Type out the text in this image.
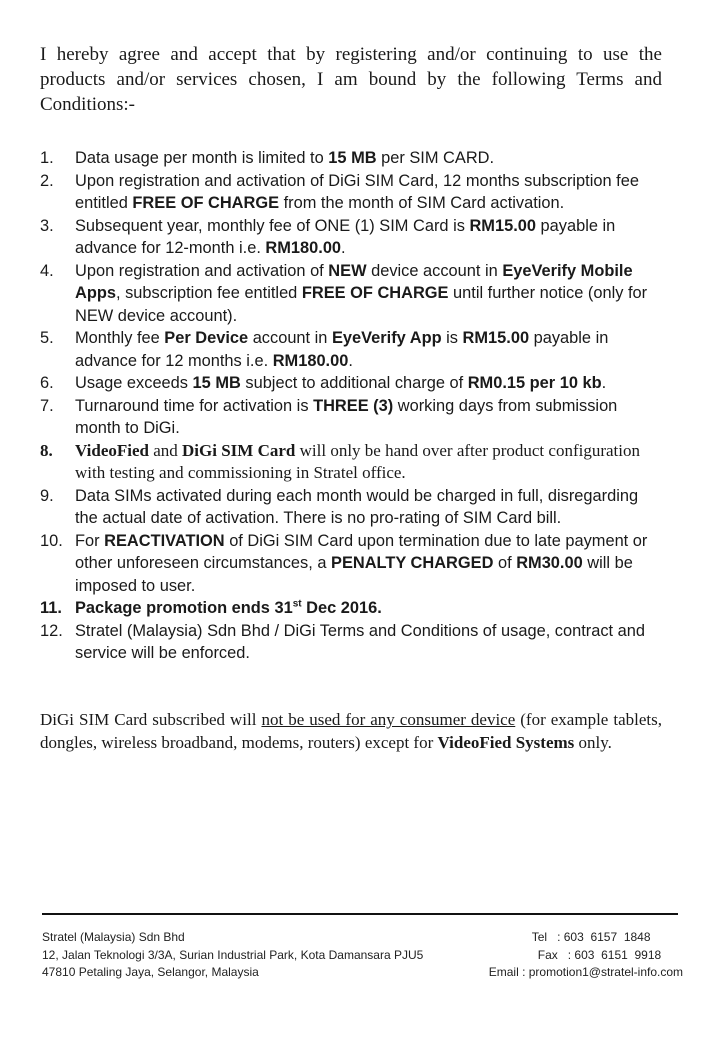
I hereby agree and accept that by registering and/or continuing to use the products and/or services chosen, I am bound by the following Terms and Conditions:-

1.	Data usage per month is limited to 15 MB per SIM CARD.
2.	Upon registration and activation of DiGi SIM Card, 12 months subscription fee entitled FREE OF CHARGE from the month of SIM Card activation.
3.	Subsequent year, monthly fee of ONE (1) SIM Card is RM15.00 payable in advance for 12-month i.e. RM180.00.
4.	Upon registration and activation of NEW device account in EyeVerify Mobile Apps, subscription fee entitled FREE OF CHARGE until further notice (only for NEW device account).
5.	Monthly fee Per Device account in EyeVerify App is RM15.00 payable in advance for 12 months i.e. RM180.00.
6.	Usage exceeds 15 MB subject to additional charge of RM0.15 per 10 kb.
7.	Turnaround time for activation is THREE (3) working days from submission month to DiGi.
8.	VideoFied and DiGi SIM Card will only be hand over after product configuration with testing and commissioning in Stratel office.
9.	Data SIMs activated during each month would be charged in full, disregarding the actual date of activation. There is no pro-rating of SIM Card bill.
10. For REACTIVATION of DiGi SIM Card upon termination due to late payment or other unforeseen circumstances, a PENALTY CHARGED of RM30.00 will be imposed to user.
11. Package promotion ends 31st Dec 2016.
12. Stratel (Malaysia) Sdn Bhd / DiGi Terms and Conditions of usage, contract and service will be enforced.

DiGi SIM Card subscribed will not be used for any consumer device (for example tablets, dongles, wireless broadband, modems, routers) except for VideoFied Systems only.

Stratel (Malaysia) Sdn Bhd
12, Jalan Teknologi 3/3A, Surian Industrial Park, Kota Damansara PJU5
47810 Petaling Jaya, Selangor, Malaysia
Tel   : 603  6157  1848
Fax   : 603  6151  9918
Email : promotion1@stratel-info.com
